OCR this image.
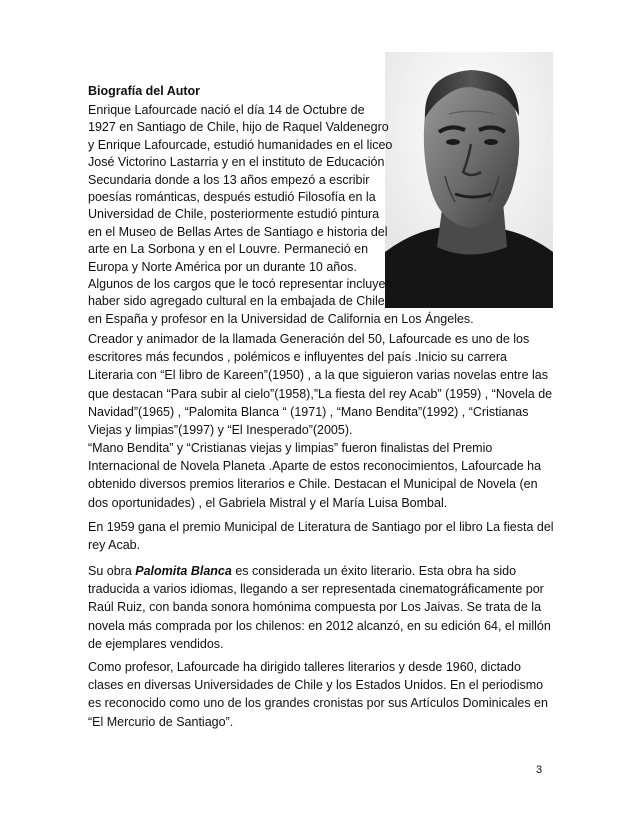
Biografía del Autor
Enrique Lafourcade nació el día 14 de Octubre de
1927 en Santiago de Chile, hijo de Raquel Valdenegro
y Enrique Lafourcade, estudió humanidades en el liceo
José Victorino Lastarria y en el instituto de Educación
Secundaria donde a los 13 años empezó a escribir
poesías románticas, después estudió Filosofía en la
Universidad de Chile, posteriormente estudió pintura
en el Museo de Bellas Artes de Santiago e historia del
arte en La Sorbona y en el Louvre. Permaneció en
Europa y Norte América por un durante 10 años.
Algunos de los cargos que le tocó representar incluyen
haber sido agregado cultural en la embajada de Chile
en España y profesor en la Universidad de California en Los Ángeles.

Creador y animador de la llamada Generación del 50, Lafourcade es uno de los escritores más fecundos , polémicos e influyentes del país .Inicio su carrera Literaria con “El libro de Kareen”(1950) , a la que siguieron varias novelas entre las que destacan “Para subir al cielo”(1958),”La fiesta del rey Acab” (1959) , “Novela de Navidad”(1965) , “Palomita Blanca “ (1971) , “Mano Bendita”(1992) , “Cristianas Viejas y limpias”(1997) y “El Inesperado”(2005).

“Mano Bendita” y “Cristianas viejas y limpias” fueron finalistas del Premio Internacional de Novela Planeta .Aparte de estos reconocimientos, Lafourcade ha obtenido diversos premios literarios e Chile. Destacan el Municipal de Novela (en dos oportunidades) , el Gabriela Mistral y el María Luisa Bombal.

En 1959 gana el premio Municipal de Literatura de Santiago por el libro La fiesta del rey Acab.

Su obra Palomita Blanca es considerada un éxito literario. Esta obra ha sido traducida a varios idiomas, llegando a ser representada cinematográficamente por Raúl Ruiz, con banda sonora homónima compuesta por Los Jaivas. Se trata de la novela más comprada por los chilenos: en 2012 alcanzó, en su edición 64, el millón de ejemplares vendidos.

Como profesor, Lafourcade ha dirigido talleres literarios y desde 1960, dictado clases en diversas Universidades de Chile y los Estados Unidos. En el periodismo es reconocido como uno de los grandes cronistas por sus Artículos Dominicales en “El Mercurio de Santiago”.

3
